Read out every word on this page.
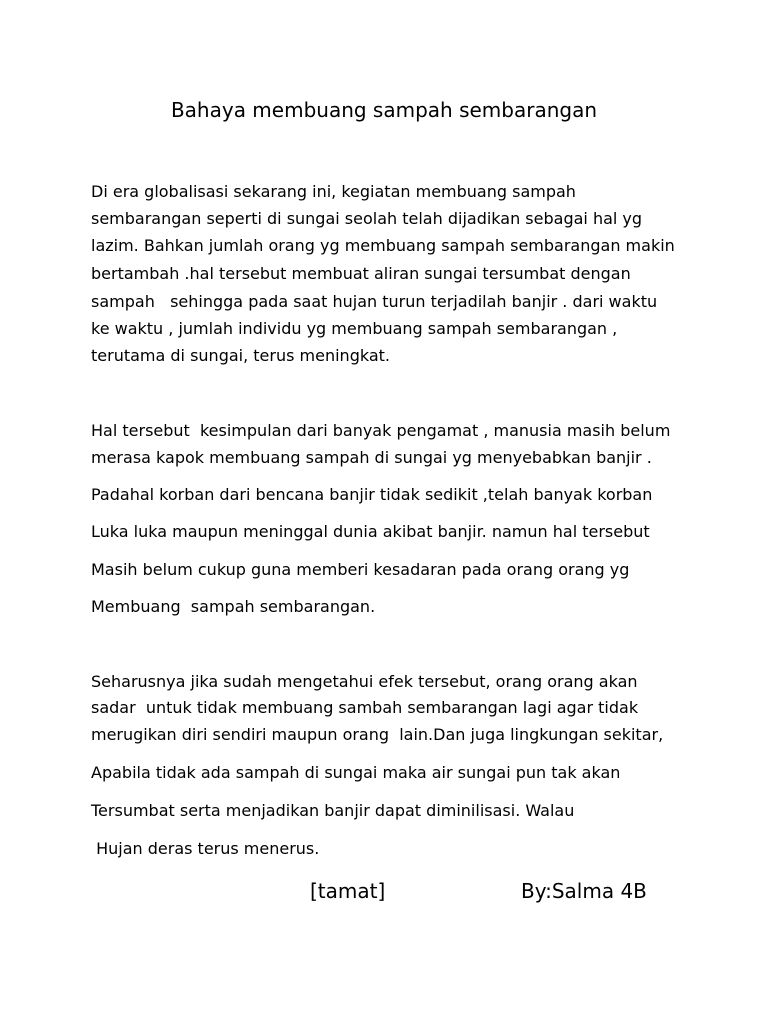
Bahaya membuang sampah sembarangan
Di era globalisasi sekarang ini, kegiatan membuang sampah
sembarangan seperti di sungai seolah telah dijadikan sebagai hal yg
lazim. Bahkan jumlah orang yg membuang sampah sembarangan makin
bertambah .hal tersebut membuat aliran sungai tersumbat dengan
sampah   sehingga pada saat hujan turun terjadilah banjir . dari waktu
ke waktu , jumlah individu yg membuang sampah sembarangan ,
terutama di sungai, terus meningkat.
Hal tersebut  kesimpulan dari banyak pengamat , manusia masih belum
merasa kapok membuang sampah di sungai yg menyebabkan banjir .
Padahal korban dari bencana banjir tidak sedikit ,telah banyak korban
Luka luka maupun meninggal dunia akibat banjir. namun hal tersebut
Masih belum cukup guna memberi kesadaran pada orang orang yg
Membuang  sampah sembarangan.
Seharusnya jika sudah mengetahui efek tersebut, orang orang akan
sadar  untuk tidak membuang sambah sembarangan lagi agar tidak
merugikan diri sendiri maupun orang  lain.Dan juga lingkungan sekitar,
Apabila tidak ada sampah di sungai maka air sungai pun tak akan
Tersumbat serta menjadikan banjir dapat diminilisasi. Walau
Hujan deras terus menerus.
[tamat]	By:Salma 4B
